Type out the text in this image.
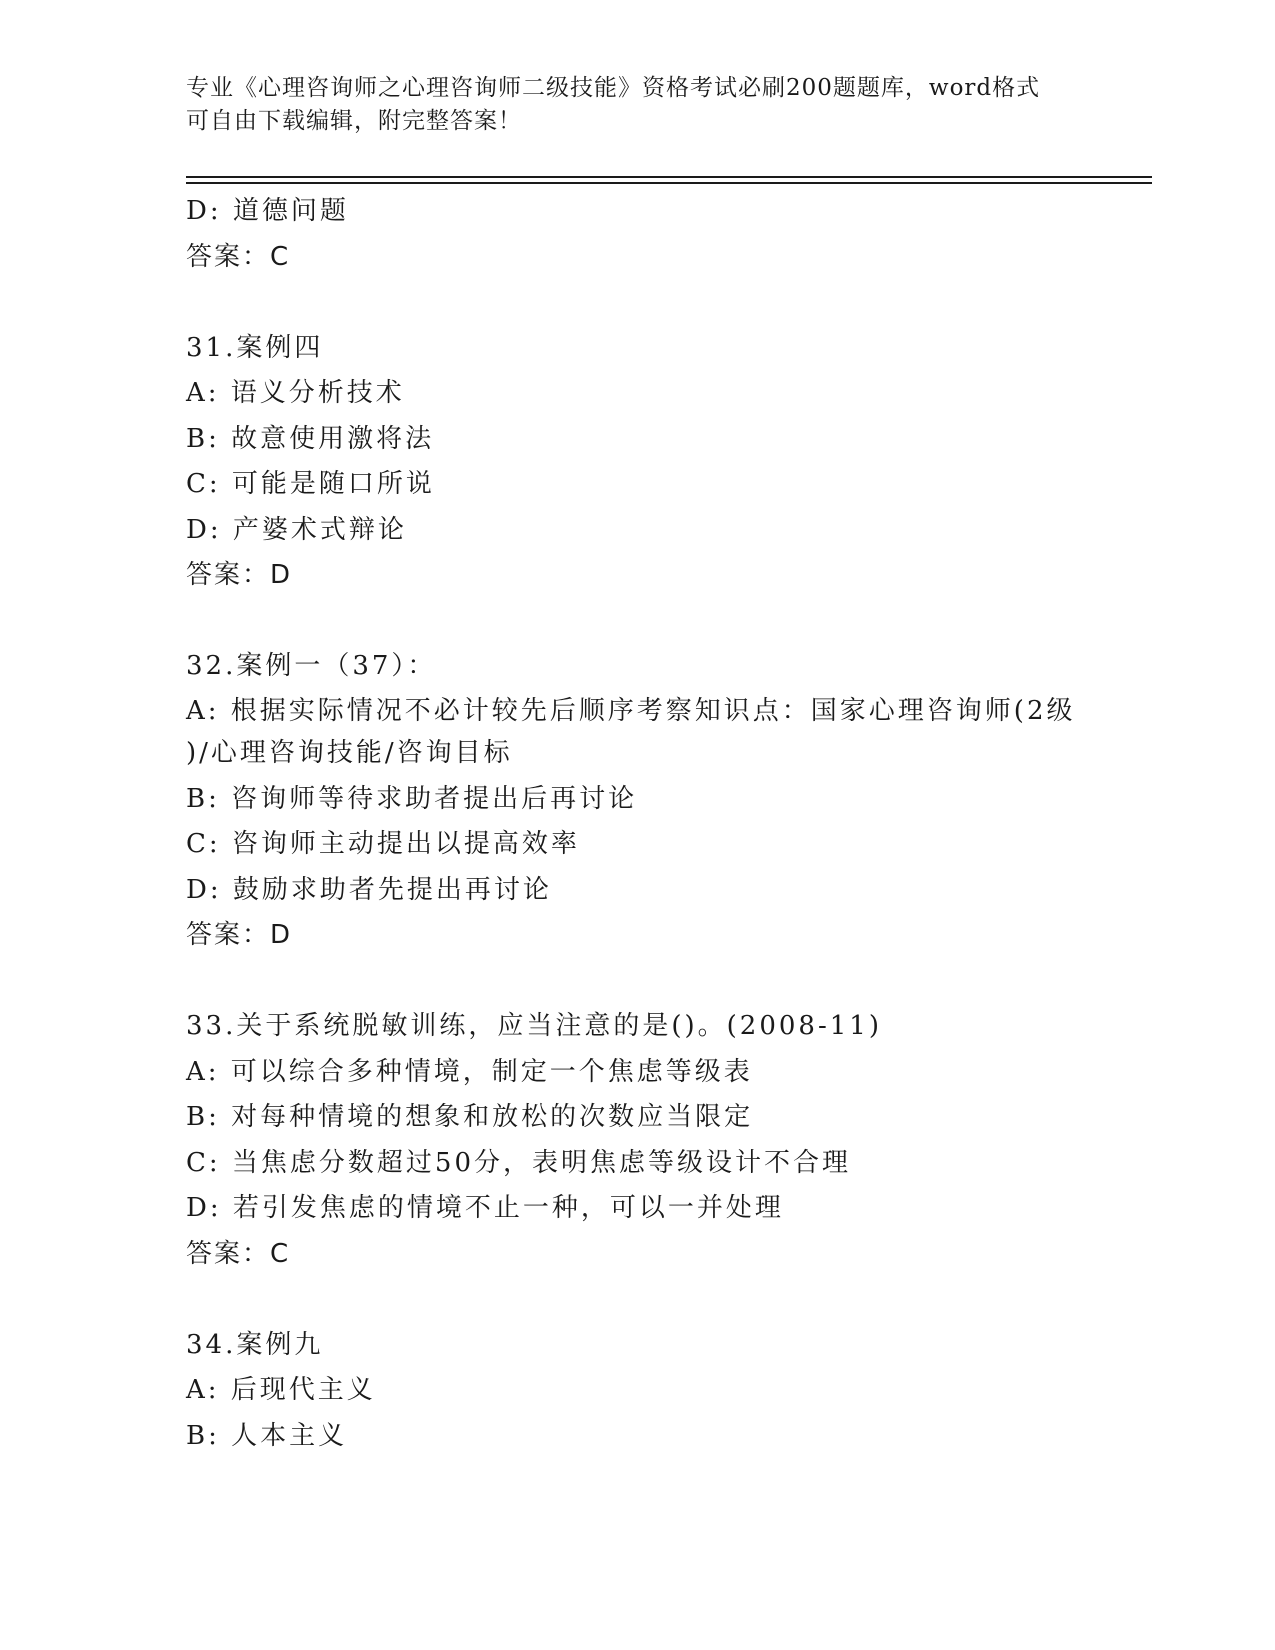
专业《心理咨询师之心理咨询师二级技能》资格考试必刷200题题库，word格式
可自由下载编辑，附完整答案！
D: 道德问题
答案：C
31.案例四
A: 语义分析技术
B: 故意使用激将法
C: 可能是随口所说
D: 产婆术式辩论
答案：D
32.案例一（37）：
A: 根据实际情况不必计较先后顺序考察知识点：国家心理咨询师(2级
)/心理咨询技能/咨询目标
B: 咨询师等待求助者提出后再讨论
C: 咨询师主动提出以提高效率
D: 鼓励求助者先提出再讨论
答案：D
33.关于系统脱敏训练，应当注意的是()。(2008-11)
A: 可以综合多种情境，制定一个焦虑等级表
B: 对每种情境的想象和放松的次数应当限定
C: 当焦虑分数超过50分，表明焦虑等级设计不合理
D: 若引发焦虑的情境不止一种，可以一并处理
答案：C
34.案例九
A: 后现代主义
B: 人本主义
